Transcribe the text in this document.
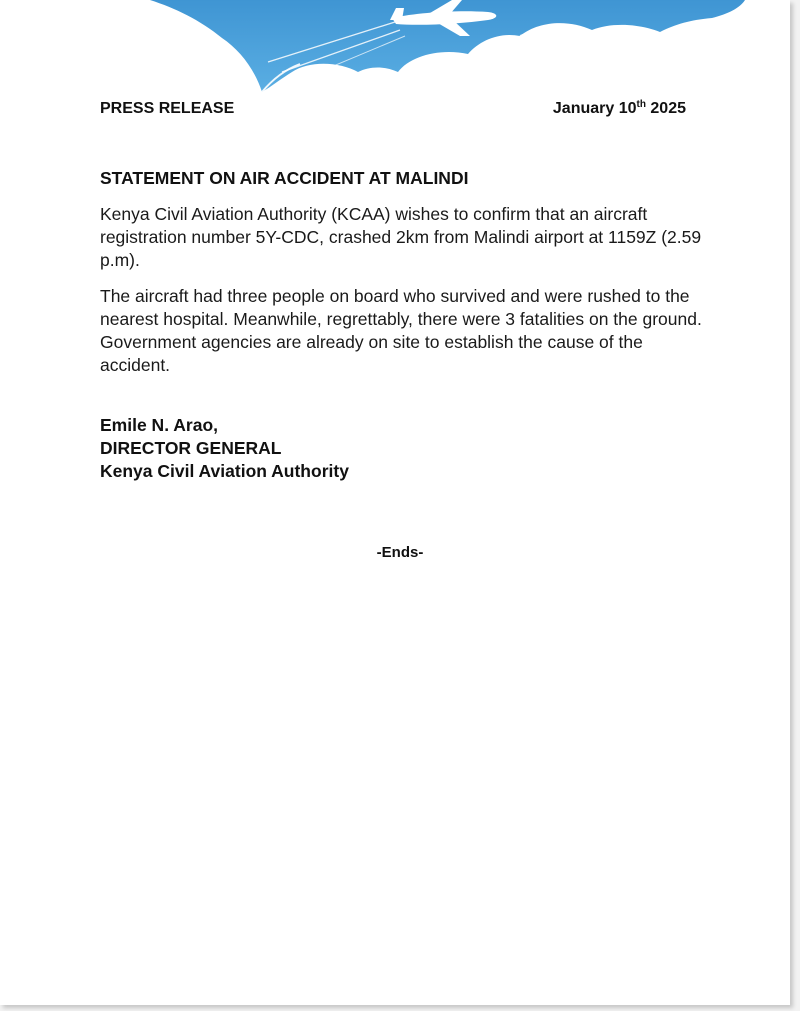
PRESS RELEASE	January 10th 2025
STATEMENT ON AIR ACCIDENT AT MALINDI

Kenya Civil Aviation Authority (KCAA) wishes to confirm that an aircraft registration number 5Y-CDC, crashed 2km from Malindi airport at 1159Z (2.59 p.m).

The aircraft had three people on board who survived and were rushed to the nearest hospital. Meanwhile, regrettably, there were 3 fatalities on the ground. Government agencies are already on site to establish the cause of the accident.

Emile N. Arao,
DIRECTOR GENERAL
Kenya Civil Aviation Authority
-Ends-
